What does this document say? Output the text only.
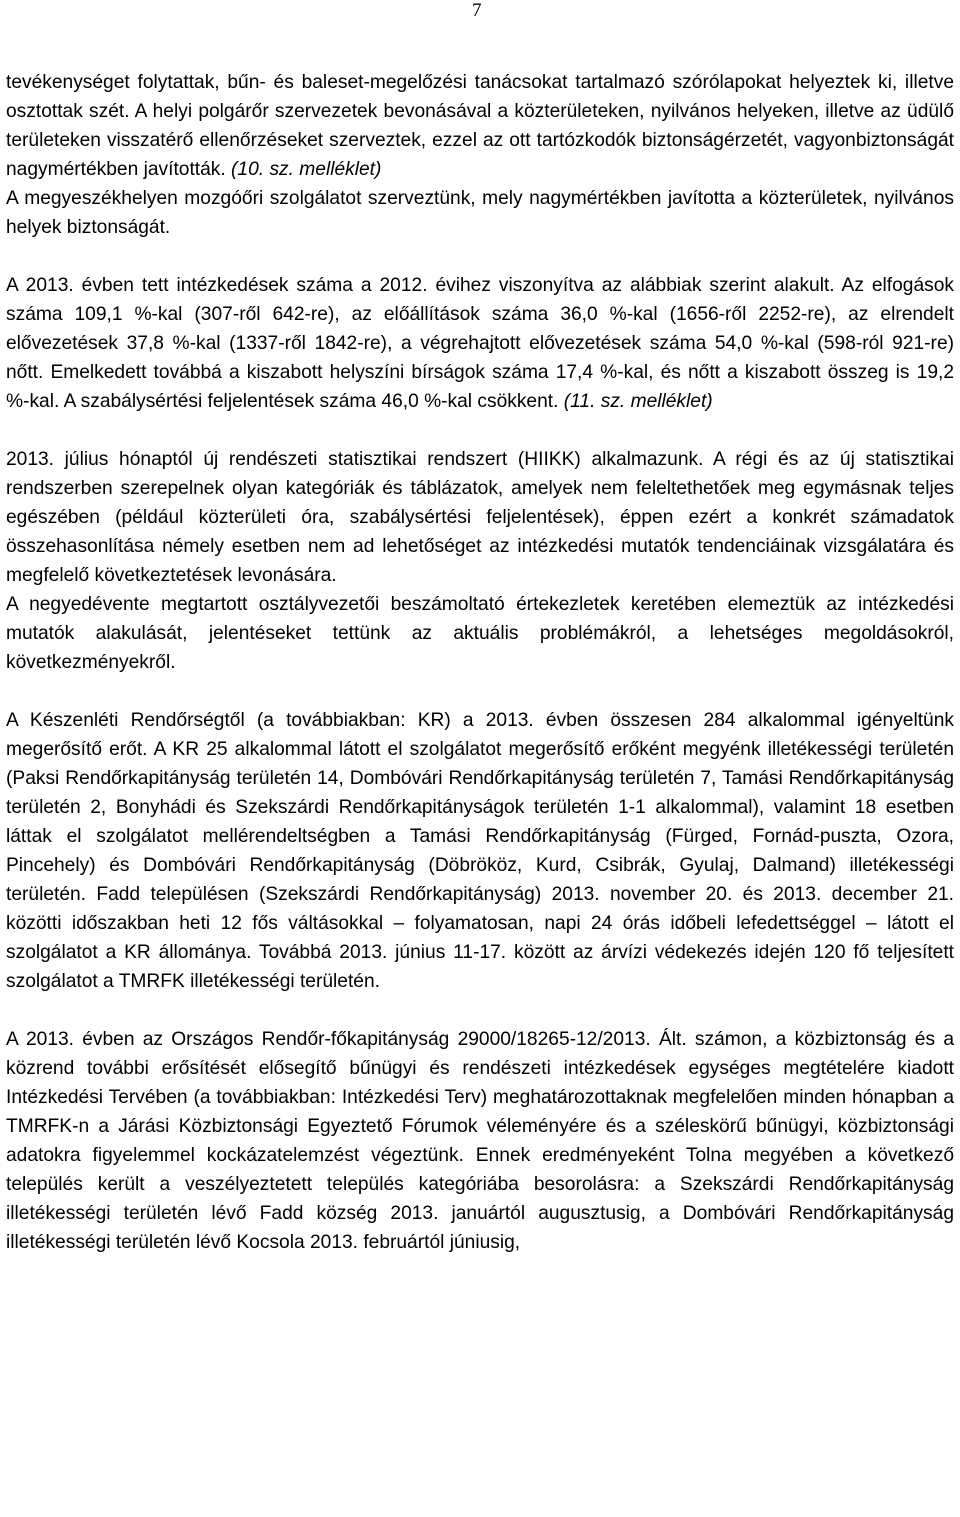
7

tevékenységet folytattak, bűn- és baleset-megelőzési tanácsokat tartalmazó szórólapokat helyeztek ki, illetve osztottak szét. A helyi polgárőr szervezetek bevonásával a közterületeken, nyilvános helyeken, illetve az üdülő területeken visszatérő ellenőrzéseket szerveztek, ezzel az ott tartózkodók biztonságérzetét, vagyonbiztonságát nagymértékben javították. (10. sz. melléklet)

A megyeszékhelyen mozgóőri szolgálatot szerveztünk, mely nagymértékben javította a közterületek, nyilvános helyek biztonságát.

A 2013. évben tett intézkedések száma a 2012. évihez viszonyítva az alábbiak szerint alakult. Az elfogások száma 109,1 %-kal (307-ről 642-re), az előállítások száma 36,0 %-kal (1656-ről 2252-re), az elrendelt elővezetések 37,8 %-kal (1337-ről 1842-re), a végrehajtott elővezetések száma 54,0 %-kal (598-ról 921-re) nőtt. Emelkedett továbbá a kiszabott helyszíni bírságok száma 17,4 %-kal, és nőtt a kiszabott összeg is 19,2 %-kal. A szabálysértési feljelentések száma 46,0 %-kal csökkent. (11. sz. melléklet)

2013. július hónaptól új rendészeti statisztikai rendszert (HIIKK) alkalmazunk. A régi és az új statisztikai rendszerben szerepelnek olyan kategóriák és táblázatok, amelyek nem feleltethetőek meg egymásnak teljes egészében (például közterületi óra, szabálysértési feljelentések), éppen ezért a konkrét számadatok összehasonlítása némely esetben nem ad lehetőséget az intézkedési mutatók tendenciáinak vizsgálatára és megfelelő következtetések levonására.

A negyedévente megtartott osztályvezetői beszámoltató értekezletek keretében elemeztük az intézkedési mutatók alakulását, jelentéseket tettünk az aktuális problémákról, a lehetséges megoldásokról, következményekről.

A Készenléti Rendőrségtől (a továbbiakban: KR) a 2013. évben összesen 284 alkalommal igényeltünk megerősítő erőt. A KR 25 alkalommal látott el szolgálatot megerősítő erőként megyénk illetékességi területén (Paksi Rendőrkapitányság területén 14, Dombóvári Rendőrkapitányság területén 7, Tamási Rendőrkapitányság területén 2, Bonyhádi és Szekszárdi Rendőrkapitányságok területén 1-1 alkalommal), valamint 18 esetben láttak el szolgálatot mellérendeltségben a Tamási Rendőrkapitányság (Fürged, Fornád-puszta, Ozora, Pincehely) és Dombóvári Rendőrkapitányság (Döbrököz, Kurd, Csibrák, Gyulaj, Dalmand) illetékességi területén. Fadd településen (Szekszárdi Rendőrkapitányság) 2013. november 20. és 2013. december 21. közötti időszakban heti 12 fős váltásokkal – folyamatosan, napi 24 órás időbeli lefedettséggel – látott el szolgálatot a KR állománya. Továbbá 2013. június 11-17. között az árvízi védekezés idején 120 fő teljesített szolgálatot a TMRFK illetékességi területén.

A 2013. évben az Országos Rendőr-főkapitányság 29000/18265-12/2013. Ált. számon, a közbiztonság és a közrend további erősítését elősegítő bűnügyi és rendészeti intézkedések egységes megtételére kiadott Intézkedési Tervében (a továbbiakban: Intézkedési Terv) meghatározottaknak megfelelően minden hónapban a TMRFK-n a Járási Közbiztonsági Egyeztető Fórumok véleményére és a széleskörű bűnügyi, közbiztonsági adatokra figyelemmel kockázatelemzést végeztünk. Ennek eredményeként Tolna megyében a következő település került a veszélyeztetett település kategóriába besorolásra: a Szekszárdi Rendőrkapitányság illetékességi területén lévő Fadd község 2013. januártól augusztusig, a Dombóvári Rendőrkapitányság illetékességi területén lévő Kocsola 2013. februártól júniusig,
